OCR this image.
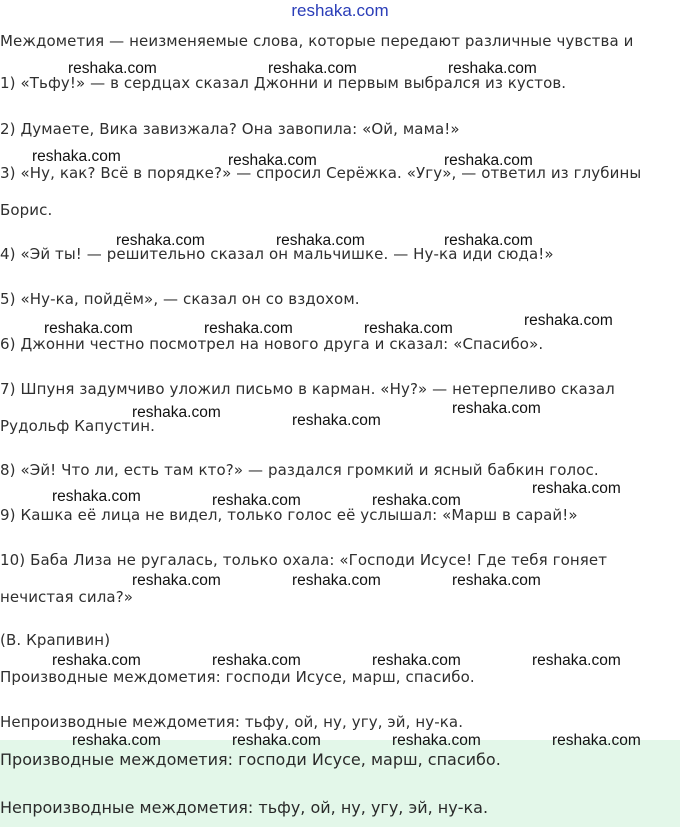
reshaka.com
Междометия — неизменяемые слова, которые передают различные чувства и
1) «Тьфу!» — в сердцах сказал Джонни и первым выбрался из кустов.
2) Думаете, Вика завизжала? Она завопила: «Ой, мама!»
3) «Ну, как? Всё в порядке?» — спросил Серёжка. «Угу», — ответил из глубины
Борис.
4) «Эй ты! — решительно сказал он мальчишке. — Ну-ка иди сюда!»
5) «Ну-ка, пойдём», — сказал он со вздохом.
6) Джонни честно посмотрел на нового друга и сказал: «Спасибо».
7) Шпуня задумчиво уложил письмо в карман. «Ну?» — нетерпеливо сказал
Рудольф Капустин.
8) «Эй! Что ли, есть там кто?» — раздался громкий и ясный бабкин голос.
9) Кашка её лица не видел, только голос её услышал: «Марш в сарай!»
10) Баба Лиза не ругалась, только охала: «Господи Исусе! Где тебя гоняет
нечистая сила?»
(В. Крапивин)
Производные междометия: господи Исусе, марш, спасибо.
Непроизводные междометия: тьфу, ой, ну, угу, эй, ну-ка.
Производные междометия: господи Исусе, марш, спасибо.
Непроизводные междометия: тьфу, ой, ну, угу, эй, ну-ка.
reshaka.com	reshaka.com	reshaka.com
reshaka.com	reshaka.com	reshaka.com
reshaka.com	reshaka.com	reshaka.com
reshaka.com
reshaka.com	reshaka.com	reshaka.com
reshaka.com
reshaka.com	reshaka.com
reshaka.com
reshaka.com	reshaka.com	reshaka.com
reshaka.com	reshaka.com	reshaka.com
reshaka.com	reshaka.com	reshaka.com	reshaka.com
reshaka.com	reshaka.com	reshaka.com	reshaka.com
